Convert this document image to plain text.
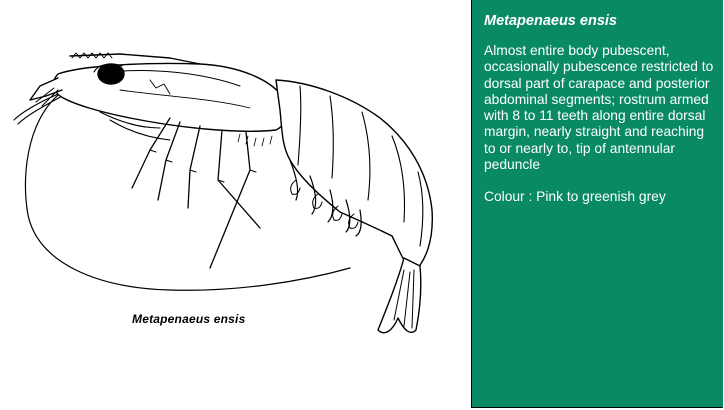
Metapenaeus ensis

Metapenaeus ensis

Almost entire body pubescent, occasionally pubescence restricted to dorsal part of carapace and posterior abdominal segments; rostrum armed with 8 to 11 teeth along entire dorsal margin, nearly straight and reaching to or nearly to, tip of antennular peduncle

Colour : Pink to greenish grey
